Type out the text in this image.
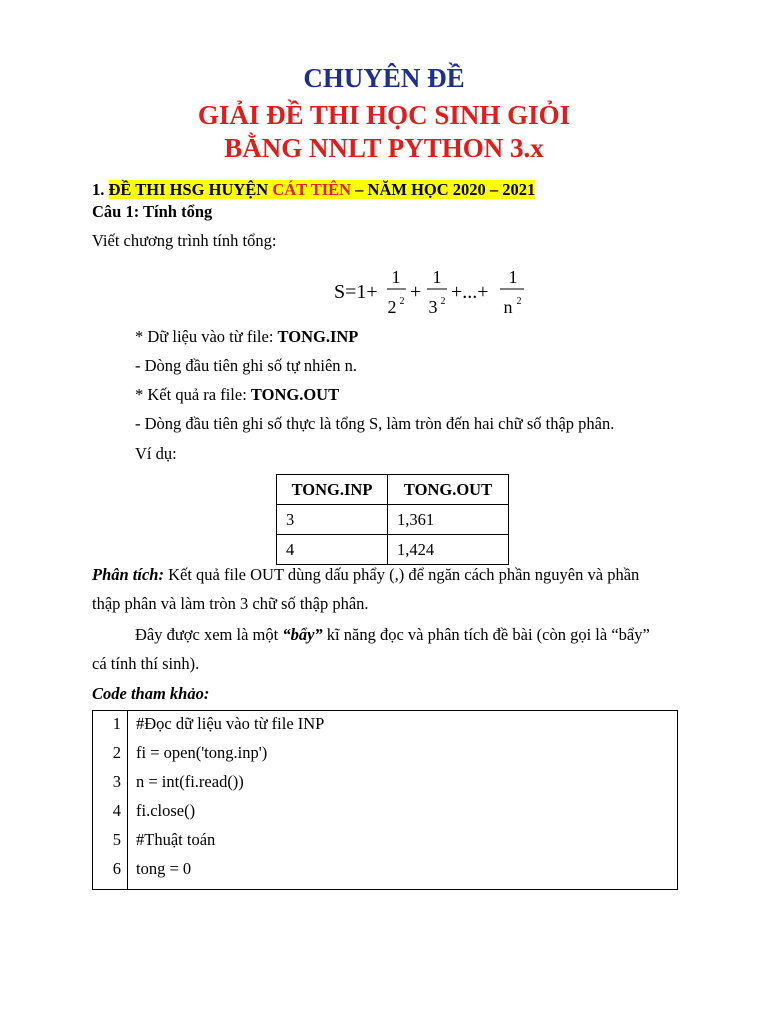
CHUYÊN ĐỀ
GIẢI ĐỀ THI HỌC SINH GIỎI
BẰNG NNLT PYTHON 3.x
1. ĐỀ THI HSG HUYỆN CÁT TIÊN – NĂM HỌC 2020 – 2021
Câu 1: Tính tổng
Viết chương trình tính tổng:
S=1+
1
2 2 +
1
3 2 +...+
1
n 2
* Dữ liệu vào từ file: TONG.INP
- Dòng đầu tiên ghi số tự nhiên n.
* Kết quả ra file: TONG.OUT
- Dòng đầu tiên ghi số thực là tổng S, làm tròn đến hai chữ số thập phân.
Ví dụ:
TONG.INP	TONG.OUT
3	1,361
4	1,424
Phân tích: Kết quả file OUT dùng dấu phẩy (,) để ngăn cách phần nguyên và phần
thập phân và làm tròn 3 chữ số thập phân.
Đây được xem là một “bẩy” kĩ năng đọc và phân tích đề bài (còn gọi là “bẩy”
cá tính thí sinh).
Code tham khảo:
1 #Đọc dữ liệu vào từ file INP
2 fi = open('tong.inp')
3 n = int(fi.read())
4 fi.close()
5 #Thuật toán
6 tong = 0
